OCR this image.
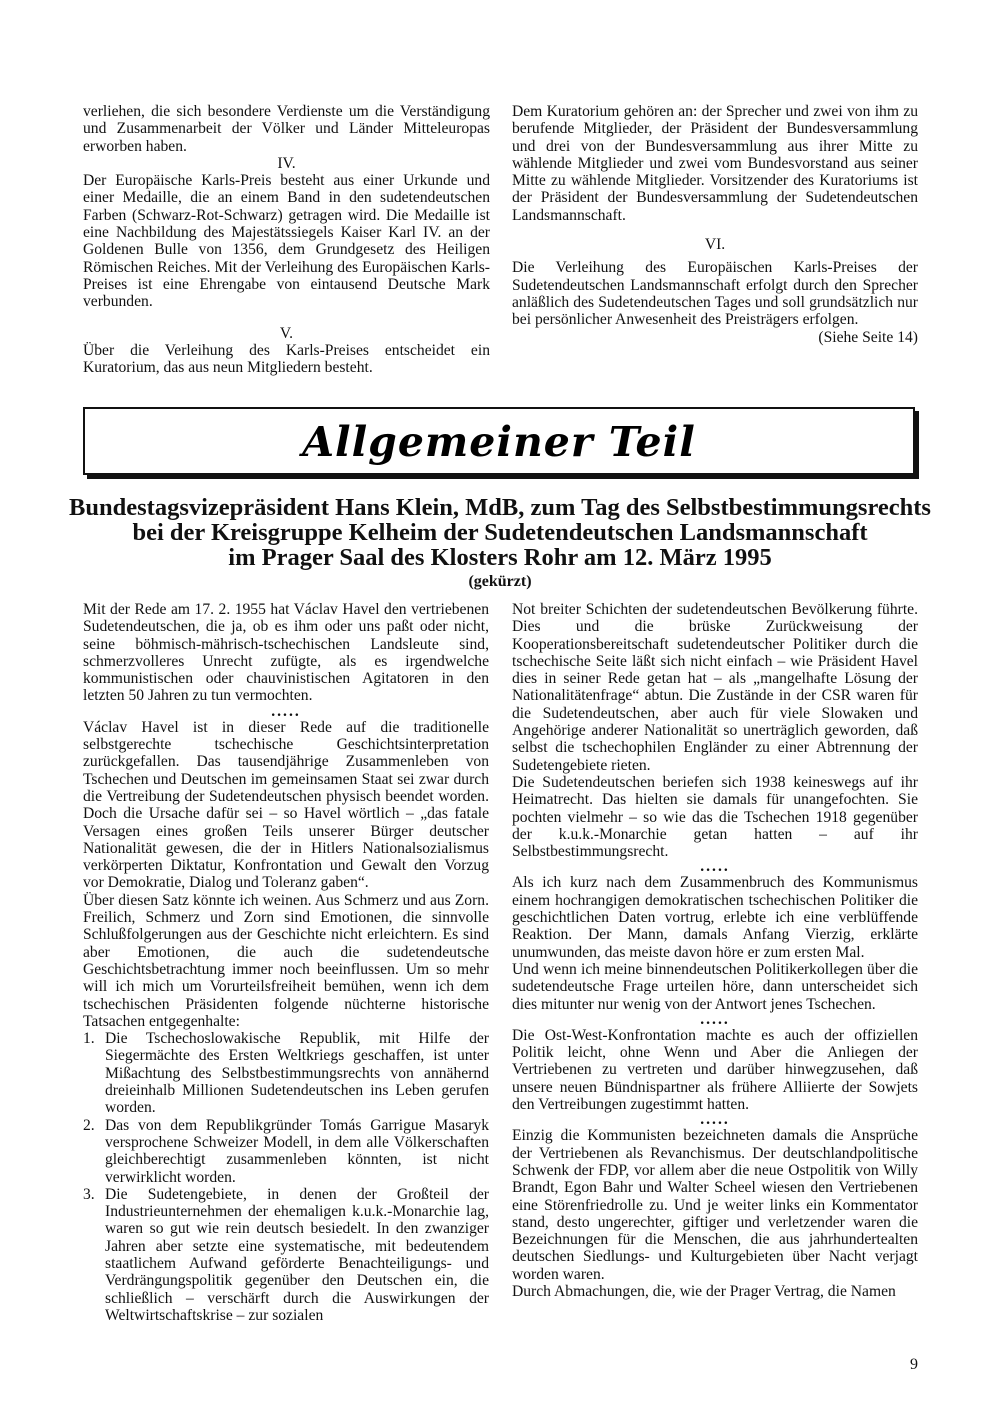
verliehen, die sich besondere Verdienste um die Verständigung und Zusammenarbeit der Völker und Länder Mitteleuropas erworben haben.

IV.

Der Europäische Karls-Preis besteht aus einer Urkunde und einer Medaille, die an einem Band in den sudetendeutschen Farben (Schwarz-Rot-Schwarz) getragen wird. Die Medaille ist eine Nachbildung des Majestätssiegels Kaiser Karl IV. an der Goldenen Bulle von 1356, dem Grundgesetz des Heiligen Römischen Reiches. Mit der Verleihung des Europäischen Karls-Preises ist eine Ehrengabe von eintausend Deutsche Mark verbunden.

V.

Über die Verleihung des Karls-Preises entscheidet ein Kuratorium, das aus neun Mitgliedern besteht.

Dem Kuratorium gehören an: der Sprecher und zwei von ihm zu berufende Mitglieder, der Präsident der Bundesversammlung und drei von der Bundesversammlung aus ihrer Mitte zu wählende Mitglieder und zwei vom Bundesvorstand aus seiner Mitte zu wählende Mitglieder. Vorsitzender des Kuratoriums ist der Präsident der Bundesversammlung der Sudetendeutschen Landsmannschaft.

VI.

Die Verleihung des Europäischen Karls-Preises der Sudetendeutschen Landsmannschaft erfolgt durch den Sprecher anläßlich des Sudetendeutschen Tages und soll grundsätzlich nur bei persönlicher Anwesenheit des Preisträgers erfolgen.

(Siehe Seite 14)

Allgemeiner Teil
Bundestagsvizepräsident Hans Klein, MdB, zum Tag des Selbstbestimmungsrechts
bei der Kreisgruppe Kelheim der Sudetendeutschen Landsmannschaft
im Prager Saal des Klosters Rohr am 12. März 1995
(gekürzt)

Mit der Rede am 17. 2. 1955 hat Václav Havel den vertriebenen Sudetendeutschen, die ja, ob es ihm oder uns paßt oder nicht, seine böhmisch-mährisch-tschechischen Landsleute sind, schmerzvolleres Unrecht zufügte, als es irgendwelche kommunistischen oder chauvinistischen Agitatoren in den letzten 50 Jahren zu tun vermochten.

.....

Václav Havel ist in dieser Rede auf die traditionelle selbstgerechte tschechische Geschichtsinterpretation zurückgefallen. Das tausendjährige Zusammenleben von Tschechen und Deutschen im gemeinsamen Staat sei zwar durch die Vertreibung der Sudetendeutschen physisch beendet worden. Doch die Ursache dafür sei – so Havel wörtlich – „das fatale Versagen eines großen Teils unserer Bürger deutscher Nationalität gewesen, die der in Hitlers Nationalsozialismus verkörperten Diktatur, Konfrontation und Gewalt den Vorzug vor Demokratie, Dialog und Toleranz gaben“.

Über diesen Satz könnte ich weinen. Aus Schmerz und aus Zorn. Freilich, Schmerz und Zorn sind Emotionen, die sinnvolle Schlußfolgerungen aus der Geschichte nicht erleichtern. Es sind aber Emotionen, die auch die sudetendeutsche Geschichtsbetrachtung immer noch beeinflussen. Um so mehr will ich mich um Vorurteilsfreiheit bemühen, wenn ich dem tschechischen Präsidenten folgende nüchterne historische Tatsachen entgegenhalte:

1. Die Tschechoslowakische Republik, mit Hilfe der Siegermächte des Ersten Weltkriegs geschaffen, ist unter Mißachtung des Selbstbestimmungsrechts von annähernd dreieinhalb Millionen Sudetendeutschen ins Leben gerufen worden.
2. Das von dem Republikgründer Tomás Garrigue Masaryk versprochene Schweizer Modell, in dem alle Völkerschaften gleichberechtigt zusammenleben könnten, ist nicht verwirklicht worden.
3. Die Sudetengebiete, in denen der Großteil der Industrieunternehmen der ehemaligen k.u.k.-Monarchie lag, waren so gut wie rein deutsch besiedelt. In den zwanziger Jahren aber setzte eine systematische, mit bedeutendem staatlichem Aufwand geförderte Benachteiligungs- und Verdrängungspolitik gegenüber den Deutschen ein, die schließlich – verschärft durch die Auswirkungen der Weltwirtschaftskrise – zur sozialen

Not breiter Schichten der sudetendeutschen Bevölkerung führte. Dies und die brüske Zurückweisung der Kooperationsbereitschaft sudetendeutscher Politiker durch die tschechische Seite läßt sich nicht einfach – wie Präsident Havel dies in seiner Rede getan hat – als „mangelhafte Lösung der Nationalitätenfrage“ abtun. Die Zustände in der CSR waren für die Sudetendeutschen, aber auch für viele Slowaken und Angehörige anderer Nationalität so unerträglich geworden, daß selbst die tschechophilen Engländer zu einer Abtrennung der Sudetengebiete rieten.

Die Sudetendeutschen beriefen sich 1938 keineswegs auf ihr Heimatrecht. Das hielten sie damals für unangefochten. Sie pochten vielmehr – so wie das die Tschechen 1918 gegenüber der k.u.k.-Monarchie getan hatten – auf ihr Selbstbestimmungsrecht.

.....

Als ich kurz nach dem Zusammenbruch des Kommunismus einem hochrangigen demokratischen tschechischen Politiker die geschichtlichen Daten vortrug, erlebte ich eine verblüffende Reaktion. Der Mann, damals Anfang Vierzig, erklärte unumwunden, das meiste davon höre er zum ersten Mal.

Und wenn ich meine binnendeutschen Politikerkollegen über die sudetendeutsche Frage urteilen höre, dann unterscheidet sich dies mitunter nur wenig von der Antwort jenes Tschechen.

.....

Die Ost-West-Konfrontation machte es auch der offiziellen Politik leicht, ohne Wenn und Aber die Anliegen der Vertriebenen zu vertreten und darüber hinwegzusehen, daß unsere neuen Bündnispartner als frühere Alliierte der Sowjets den Vertreibungen zugestimmt hatten.

.....

Einzig die Kommunisten bezeichneten damals die Ansprüche der Vertriebenen als Revanchismus. Der deutschlandpolitische Schwenk der FDP, vor allem aber die neue Ostpolitik von Willy Brandt, Egon Bahr und Walter Scheel wiesen den Vertriebenen eine Störenfriedrolle zu. Und je weiter links ein Kommentator stand, desto ungerechter, giftiger und verletzender waren die Bezeichnungen für die Menschen, die aus jahrhundertealten deutschen Siedlungs- und Kulturgebieten über Nacht verjagt worden waren.

Durch Abmachungen, die, wie der Prager Vertrag, die Namen

9
